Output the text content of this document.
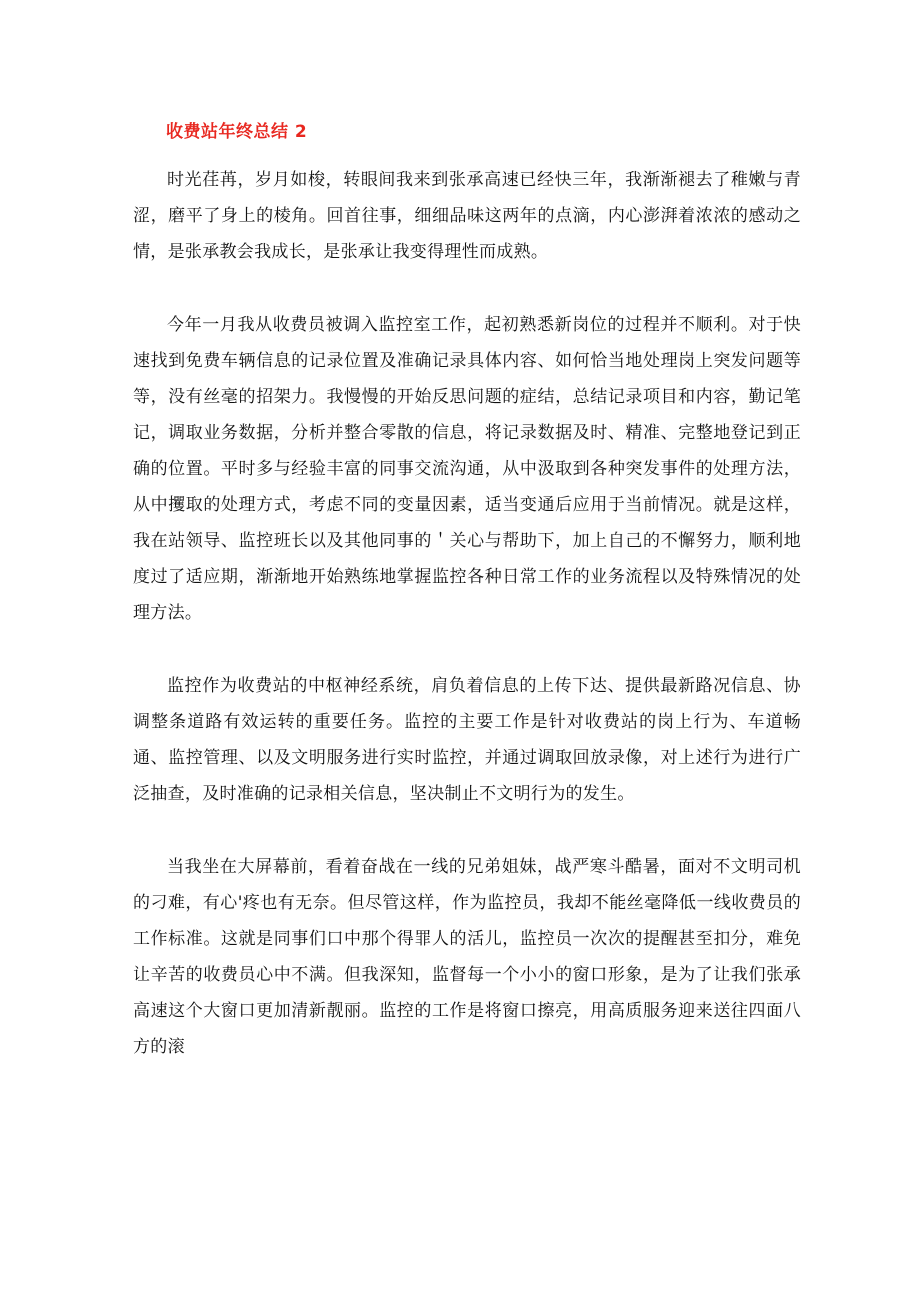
收费站年终总结 2

时光荏苒，岁月如梭，转眼间我来到张承高速已经快三年，我渐渐褪去了稚嫩与青涩，磨平了身上的棱角。回首往事，细细品味这两年的点滴，内心澎湃着浓浓的感动之情，是张承教会我成长，是张承让我变得理性而成熟。

今年一月我从收费员被调入监控室工作，起初熟悉新岗位的过程并不顺利。对于快速找到免费车辆信息的记录位置及准确记录具体内容、如何恰当地处理岗上突发问题等等，没有丝毫的招架力。我慢慢的开始反思问题的症结，总结记录项目和内容，勤记笔记，调取业务数据，分析并整合零散的信息，将记录数据及时、精准、完整地登记到正确的位置。平时多与经验丰富的同事交流沟通，从中汲取到各种突发事件的处理方法，从中攫取的处理方式，考虑不同的变量因素，适当变通后应用于当前情况。就是这样，我在站领导、监控班长以及其他同事的＇关心与帮助下，加上自己的不懈努力，顺利地度过了适应期，渐渐地开始熟练地掌握监控各种日常工作的业务流程以及特殊情况的处理方法。

监控作为收费站的中枢神经系统，肩负着信息的上传下达、提供最新路况信息、协调整条道路有效运转的重要任务。监控的主要工作是针对收费站的岗上行为、车道畅通、监控管理、以及文明服务进行实时监控，并通过调取回放录像，对上述行为进行广泛抽查，及时准确的记录相关信息，坚决制止不文明行为的发生。

当我坐在大屏幕前，看着奋战在一线的兄弟姐妹，战严寒斗酷暑，面对不文明司机的刁难，有心'疼也有无奈。但尽管这样，作为监控员，我却不能丝毫降低一线收费员的工作标准。这就是同事们口中那个得罪人的活儿，监控员一次次的提醒甚至扣分，难免让辛苦的收费员心中不满。但我深知，监督每一个小小的窗口形象，是为了让我们张承高速这个大窗口更加清新靓丽。监控的工作是将窗口擦亮，用高质服务迎来送往四面八方的滚
